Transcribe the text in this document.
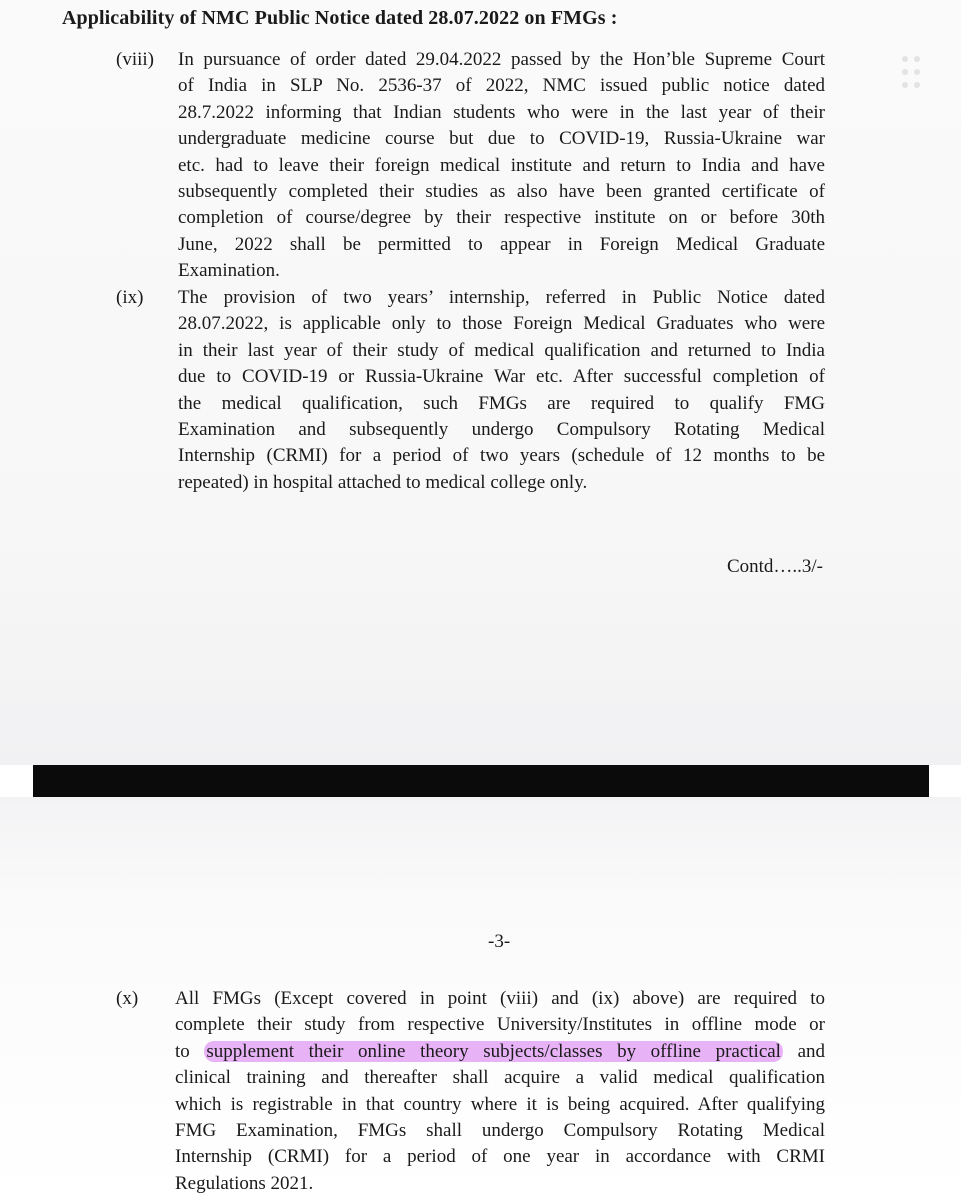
Applicability of NMC Public Notice dated 28.07.2022 on FMGs :
(viii) In pursuance of order dated 29.04.2022 passed by the Hon’ble Supreme Court
of India in SLP No. 2536-37 of 2022, NMC issued public notice dated
28.7.2022 informing that Indian students who were in the last year of their
undergraduate medicine course but due to COVID-19, Russia-Ukraine war
etc. had to leave their foreign medical institute and return to India and have
subsequently completed their studies as also have been granted certificate of
completion of course/degree by their respective institute on or before 30th
June, 2022 shall be permitted to appear in Foreign Medical Graduate
Examination.
(ix) The provision of two years’ internship, referred in Public Notice dated
28.07.2022, is applicable only to those Foreign Medical Graduates who were
in their last year of their study of medical qualification and returned to India
due to COVID-19 or Russia-Ukraine War etc. After successful completion of
the medical qualification, such FMGs are required to qualify FMG
Examination and subsequently undergo Compulsory Rotating Medical
Internship (CRMI) for a period of two years (schedule of 12 months to be
repeated) in hospital attached to medical college only.
Contd…..3/-
-3-
(x) All FMGs (Except covered in point (viii) and (ix) above) are required to
complete their study from respective University/Institutes in offline mode or
to supplement their online theory subjects/classes by offline practical and
clinical training and thereafter shall acquire a valid medical qualification
which is registrable in that country where it is being acquired. After qualifying
FMG Examination, FMGs shall undergo Compulsory Rotating Medical
Internship (CRMI) for a period of one year in accordance with CRMI
Regulations 2021.
